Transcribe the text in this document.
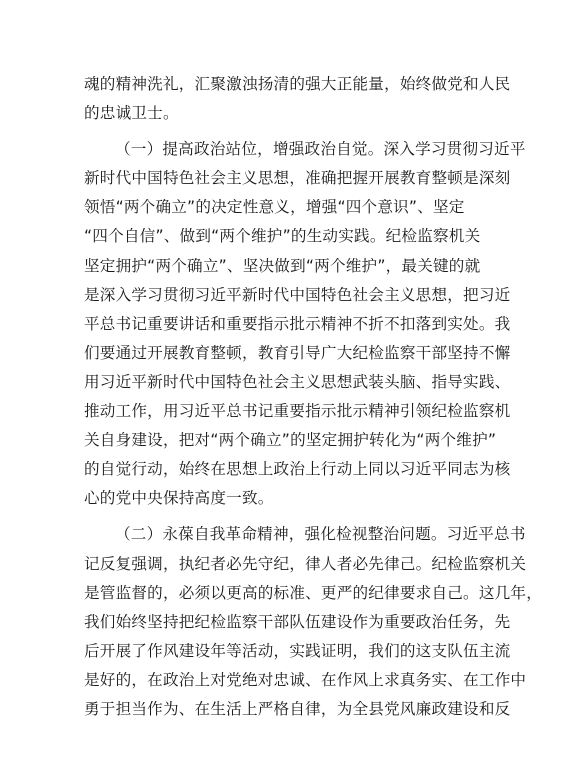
魂的精神洗礼，汇聚激浊扬清的强大正能量，始终做党和人民
的忠诚卫士。
（一）提高政治站位，增强政治自觉。深入学习贯彻习近平
新时代中国特色社会主义思想，准确把握开展教育整顿是深刻
领悟“两个确立”的决定性意义，增强“四个意识”、坚定
“四个自信”、做到“两个维护”的生动实践。纪检监察机关
坚定拥护“两个确立”、坚决做到“两个维护”，最关键的就
是深入学习贯彻习近平新时代中国特色社会主义思想，把习近
平总书记重要讲话和重要指示批示精神不折不扣落到实处。我
们要通过开展教育整顿，教育引导广大纪检监察干部坚持不懈
用习近平新时代中国特色社会主义思想武装头脑、指导实践、
推动工作，用习近平总书记重要指示批示精神引领纪检监察机
关自身建设，把对“两个确立”的坚定拥护转化为“两个维护”
的自觉行动，始终在思想上政治上行动上同以习近平同志为核
心的党中央保持高度一致。
（二）永葆自我革命精神，强化检视整治问题。习近平总书
记反复强调，执纪者必先守纪，律人者必先律己。纪检监察机关
是管监督的，必须以更高的标准、更严的纪律要求自己。这几年，
我们始终坚持把纪检监察干部队伍建设作为重要政治任务，先
后开展了作风建设年等活动，实践证明，我们的这支队伍主流
是好的，在政治上对党绝对忠诚、在作风上求真务实、在工作中
勇于担当作为、在生活上严格自律，为全县党风廉政建设和反
